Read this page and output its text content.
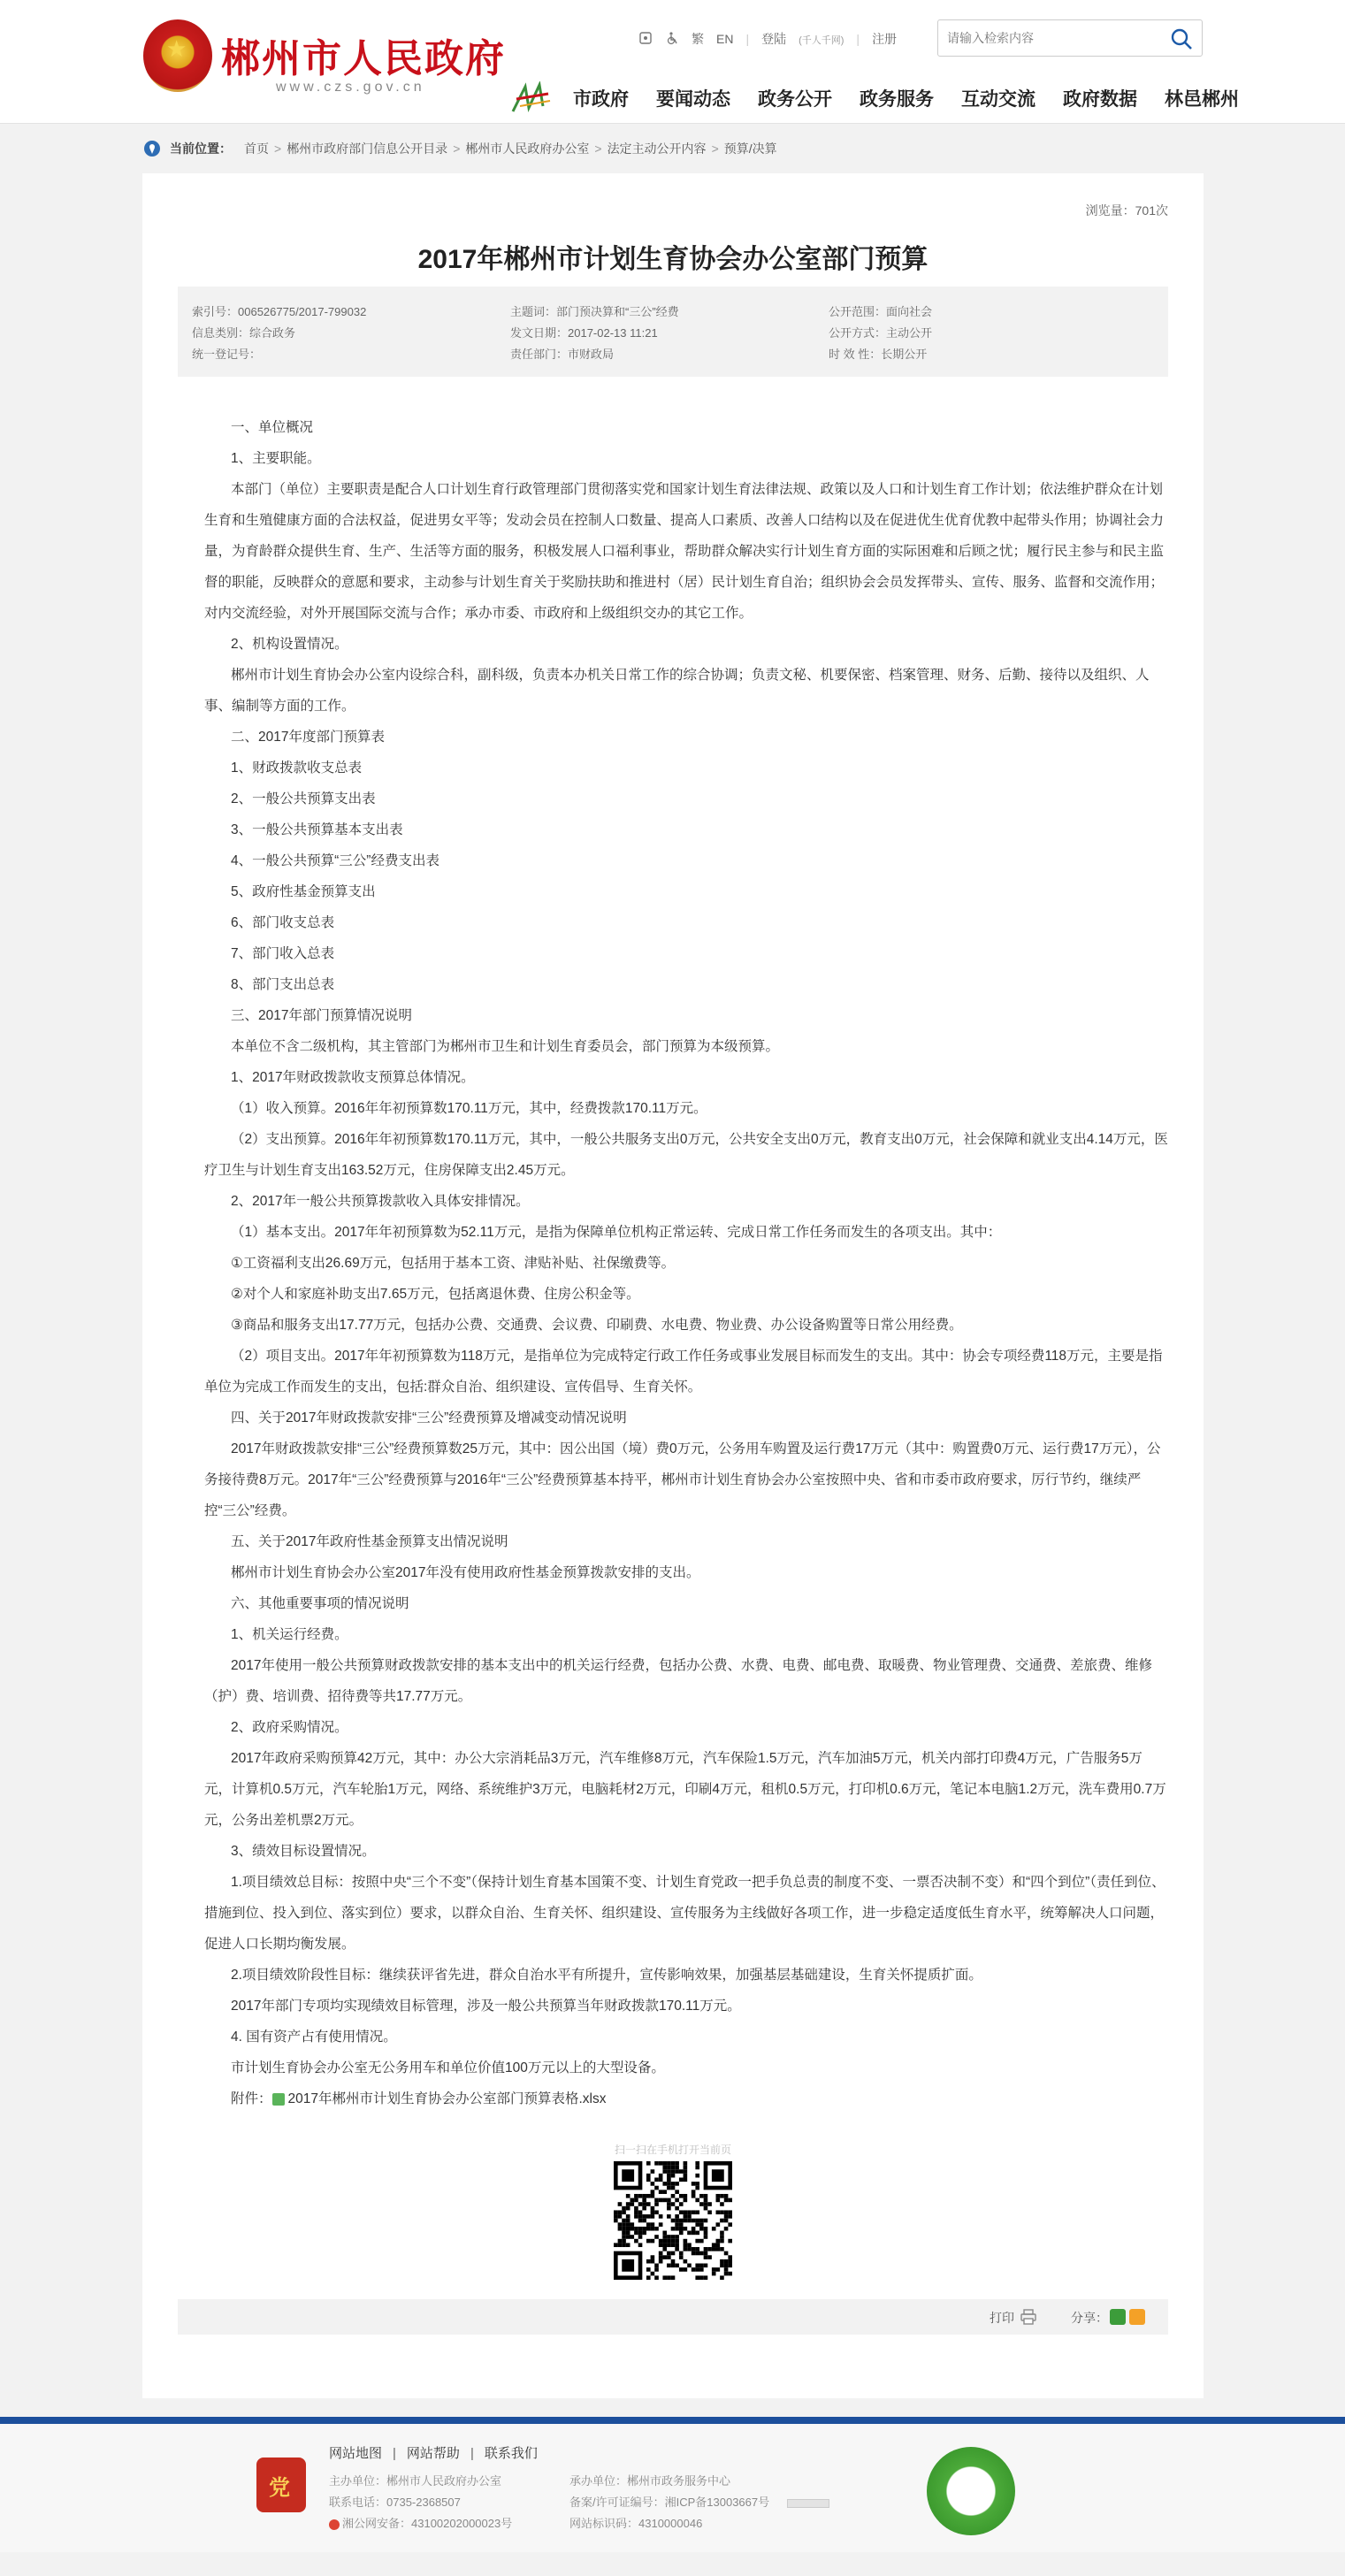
★
郴州市人民政府
www.czs.gov.cn
繁 EN | 登陆 (千人千网) | 注册
请输入检索内容
市政府 要闻动态 政务公开 政务服务 互动交流 政府数据 林邑郴州
当前位置： 首页 > 郴州市政府部门信息公开目录 > 郴州市人民政府办公室 > 法定主动公开内容 > 预算/决算
浏览量：701次
2017年郴州市计划生育协会办公室部门预算
索引号：006526775/2017-799032	主题词：部门预决算和“三公”经费	公开范围：面向社会
信息类别：综合政务	发文日期：2017-02-13 11:21	公开方式：主动公开
统一登记号：	责任部门：市财政局	时 效 性：长期公开

一、单位概况

1、主要职能。

本部门（单位）主要职责是配合人口计划生育行政管理部门贯彻落实党和国家计划生育法律法规、政策以及人口和计划生育工作计划；依法维护群众在计划生育和生殖健康方面的合法权益，促进男女平等；发动会员在控制人口数量、提高人口素质、改善人口结构以及在促进优生优育优教中起带头作用；协调社会力量，为育龄群众提供生育、生产、生活等方面的服务，积极发展人口福利事业，帮助群众解决实行计划生育方面的实际困难和后顾之忧；履行民主参与和民主监督的职能，反映群众的意愿和要求，主动参与计划生育关于奖励扶助和推进村（居）民计划生育自治；组织协会会员发挥带头、宣传、服务、监督和交流作用；对内交流经验，对外开展国际交流与合作；承办市委、市政府和上级组织交办的其它工作。

2、机构设置情况。

郴州市计划生育协会办公室内设综合科，副科级，负责本办机关日常工作的综合协调；负责文秘、机要保密、档案管理、财务、后勤、接待以及组织、人事、编制等方面的工作。

二、2017年度部门预算表

1、财政拨款收支总表

2、一般公共预算支出表

3、一般公共预算基本支出表

4、一般公共预算“三公”经费支出表

5、政府性基金预算支出

6、部门收支总表

7、部门收入总表

8、部门支出总表

三、2017年部门预算情况说明

本单位不含二级机构，其主管部门为郴州市卫生和计划生育委员会，部门预算为本级预算。

1、2017年财政拨款收支预算总体情况。

（1）收入预算。2016年年初预算数170.11万元，其中，经费拨款170.11万元。

（2）支出预算。2016年年初预算数170.11万元，其中，一般公共服务支出0万元，公共安全支出0万元，教育支出0万元，社会保障和就业支出4.14万元，医疗卫生与计划生育支出163.52万元，住房保障支出2.45万元。

2、2017年一般公共预算拨款收入具体安排情况。

（1）基本支出。2017年年初预算数为52.11万元，是指为保障单位机构正常运转、完成日常工作任务而发生的各项支出。其中：

①工资福利支出26.69万元，包括用于基本工资、津贴补贴、社保缴费等。

②对个人和家庭补助支出7.65万元，包括离退休费、住房公积金等。

③商品和服务支出17.77万元，包括办公费、交通费、会议费、印刷费、水电费、物业费、办公设备购置等日常公用经费。

（2）项目支出。2017年年初预算数为118万元，是指单位为完成特定行政工作任务或事业发展目标而发生的支出。其中：协会专项经费118万元，主要是指单位为完成工作而发生的支出，包括:群众自治、组织建设、宣传倡导、生育关怀。

四、关于2017年财政拨款安排“三公”经费预算及增减变动情况说明

2017年财政拨款安排“三公”经费预算数25万元，其中：因公出国（境）费0万元，公务用车购置及运行费17万元（其中：购置费0万元、运行费17万元），公务接待费8万元。2017年“三公”经费预算与2016年“三公”经费预算基本持平，郴州市计划生育协会办公室按照中央、省和市委市政府要求，厉行节约，继续严控“三公”经费。

五、关于2017年政府性基金预算支出情况说明

郴州市计划生育协会办公室2017年没有使用政府性基金预算拨款安排的支出。

六、其他重要事项的情况说明

1、机关运行经费。

2017年使用一般公共预算财政拨款安排的基本支出中的机关运行经费，包括办公费、水费、电费、邮电费、取暖费、物业管理费、交通费、差旅费、维修（护）费、培训费、招待费等共17.77万元。

2、政府采购情况。

2017年政府采购预算42万元，其中：办公大宗消耗品3万元，汽车维修8万元，汽车保险1.5万元，汽车加油5万元，机关内部打印费4万元，广告服务5万元，计算机0.5万元，汽车轮胎1万元，网络、系统维护3万元，电脑耗材2万元，印刷4万元，租机0.5万元，打印机0.6万元，笔记本电脑1.2万元，洗车费用0.7万元，公务出差机票2万元。

3、绩效目标设置情况。

1.项目绩效总目标：按照中央“三个不变”（保持计划生育基本国策不变、计划生育党政一把手负总责的制度不变、一票否决制不变）和“四个到位”（责任到位、措施到位、投入到位、落实到位）要求，以群众自治、生育关怀、组织建设、宣传服务为主线做好各项工作，进一步稳定适度低生育水平，统筹解决人口问题，促进人口长期均衡发展。

2.项目绩效阶段性目标：继续获评省先进，群众自治水平有所提升，宣传影响效果，加强基层基础建设，生育关怀提质扩面。

2017年部门专项均实现绩效目标管理，涉及一般公共预算当年财政拨款170.11万元。

4. 国有资产占有使用情况。

市计划生育协会办公室无公务用车和单位价值100万元以上的大型设备。

附件： 2017年郴州市计划生育协会办公室部门预算表格.xlsx

扫一扫在手机打开当前页
打印	分享：
网站地图 | 网站帮助 | 联系我们
党
主办单位：郴州市人民政府办公室
联系电话：0735-2368507
湘公网安备：43100202000023号
承办单位：郴州市政务服务中心
备案/许可证编号：湘ICP备13003667号
网站标识码：4310000046
